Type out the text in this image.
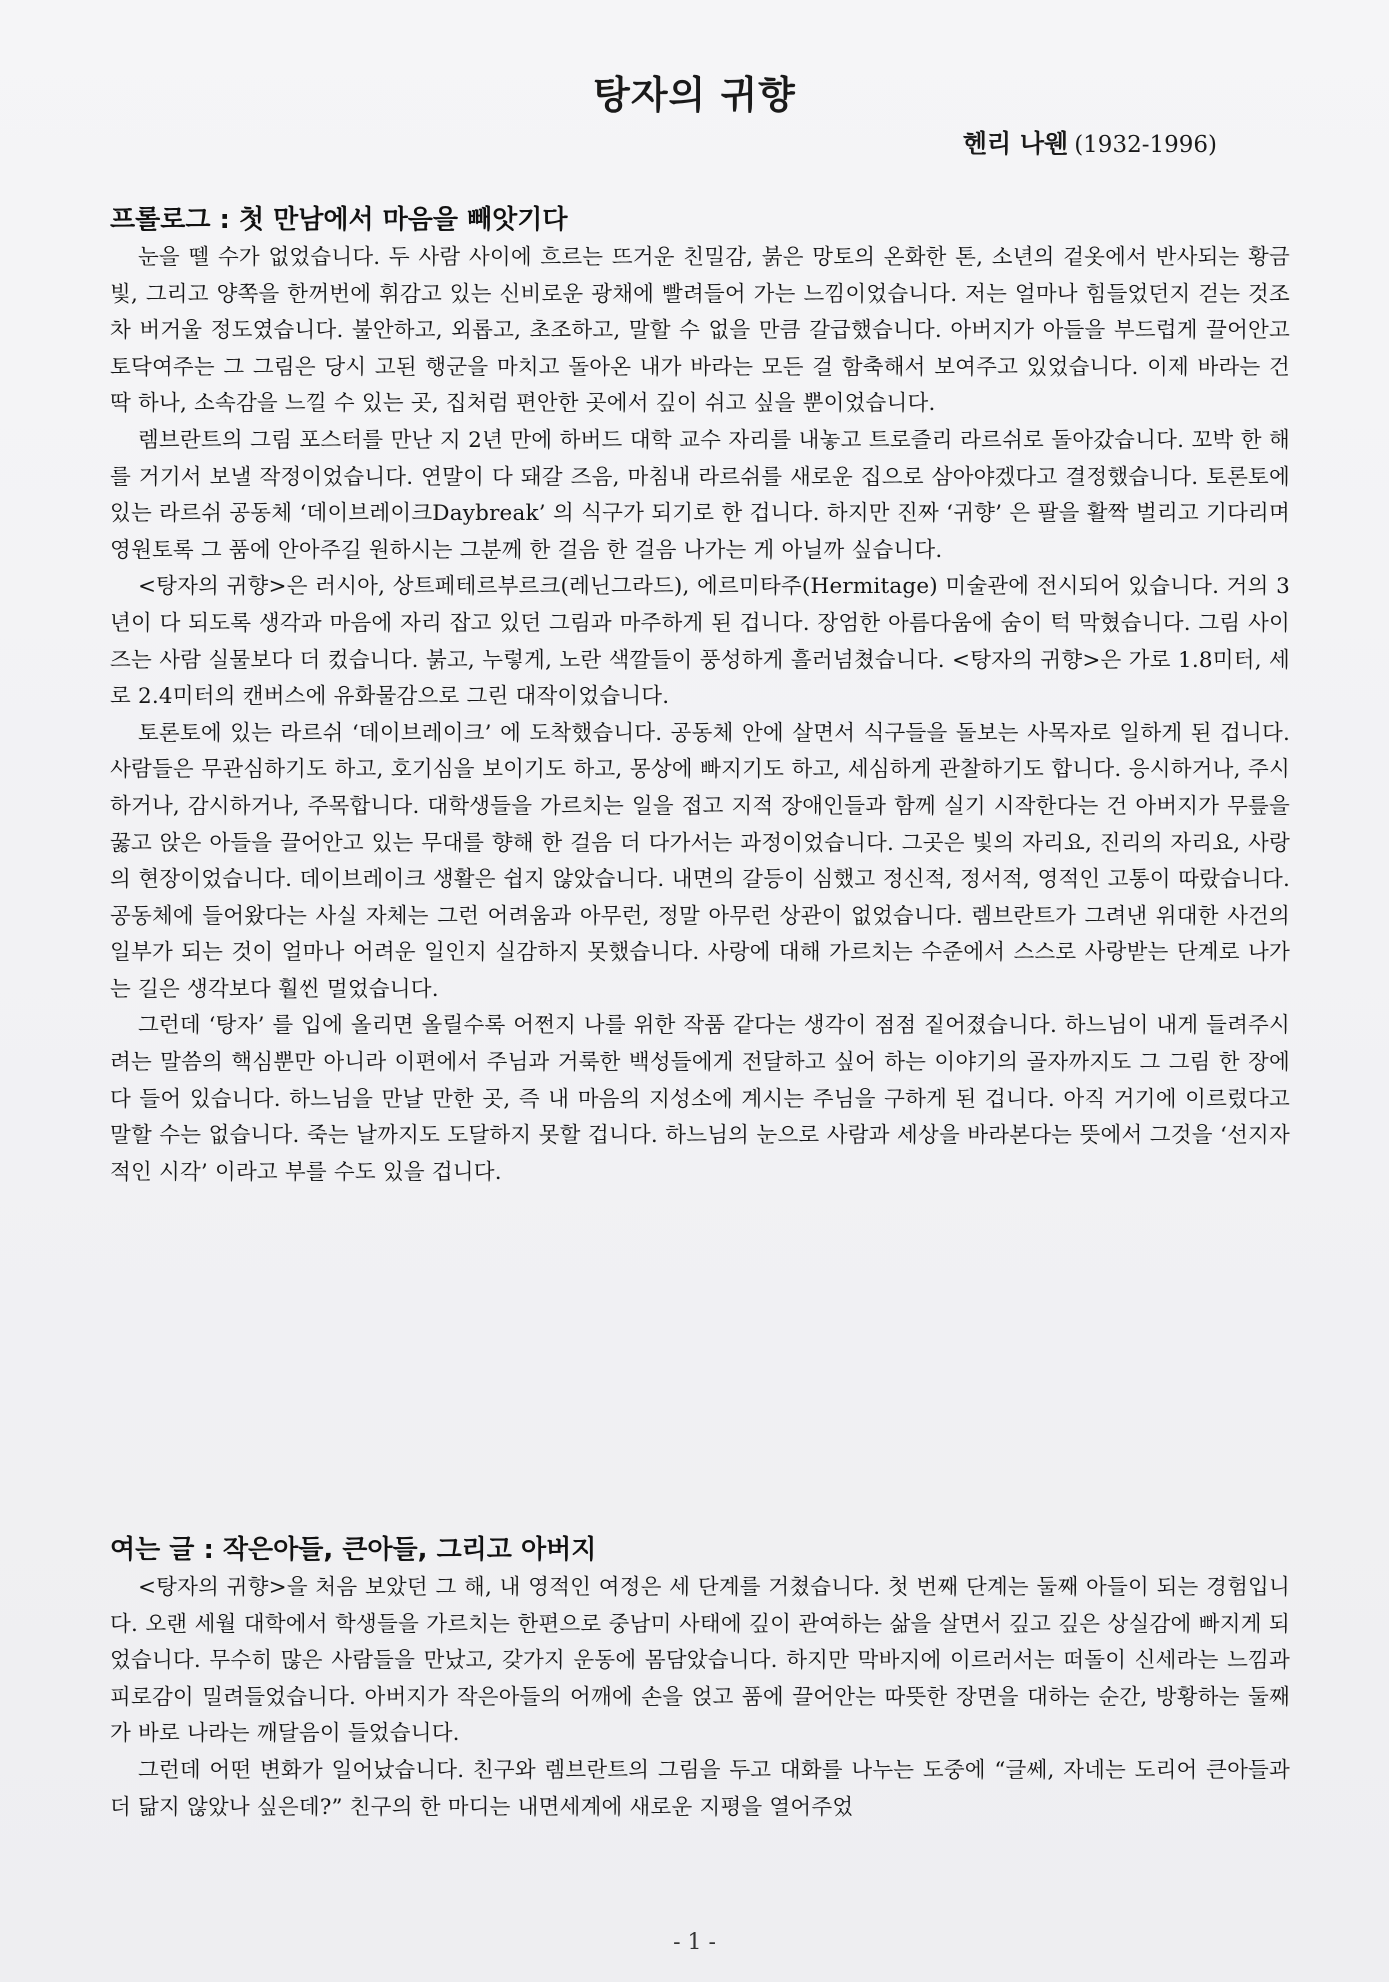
탕자의 귀향
헨리 나웬 (1932-1996)
프롤로그 : 첫 만남에서 마음을 빼앗기다

눈을 뗄 수가 없었습니다. 두 사람 사이에 흐르는 뜨거운 친밀감, 붉은 망토의 온화한 톤, 소년의 겉옷에서 반사되는 황금빛, 그리고 양쪽을 한꺼번에 휘감고 있는 신비로운 광채에 빨려들어 가는 느낌이었습니다. 저는 얼마나 힘들었던지 걷는 것조차 버거울 정도였습니다. 불안하고, 외롭고, 초조하고, 말할 수 없을 만큼 갈급했습니다. 아버지가 아들을 부드럽게 끌어안고 토닥여주는 그 그림은 당시 고된 행군을 마치고 돌아온 내가 바라는 모든 걸 함축해서 보여주고 있었습니다. 이제 바라는 건 딱 하나, 소속감을 느낄 수 있는 곳, 집처럼 편안한 곳에서 깊이 쉬고 싶을 뿐이었습니다.

렘브란트의 그림 포스터를 만난 지 2년 만에 하버드 대학 교수 자리를 내놓고 트로즐리 라르쉬로 돌아갔습니다. 꼬박 한 해를 거기서 보낼 작정이었습니다. 연말이 다 돼갈 즈음, 마침내 라르쉬를 새로운 집으로 삼아야겠다고 결정했습니다. 토론토에 있는 라르쉬 공동체 ‘데이브레이크Daybreak’ 의 식구가 되기로 한 겁니다. 하지만 진짜 ‘귀향’ 은 팔을 활짝 벌리고 기다리며 영원토록 그 품에 안아주길 원하시는 그분께 한 걸음 한 걸음 나가는 게 아닐까 싶습니다.

<탕자의 귀향>은 러시아, 상트페테르부르크(레닌그라드), 에르미타주(Hermitage) 미술관에 전시되어 있습니다. 거의 3년이 다 되도록 생각과 마음에 자리 잡고 있던 그림과 마주하게 된 겁니다. 장엄한 아름다움에 숨이 턱 막혔습니다. 그림 사이즈는 사람 실물보다 더 컸습니다. 붉고, 누렇게, 노란 색깔들이 풍성하게 흘러넘쳤습니다. <탕자의 귀향>은 가로 1.8미터, 세로 2.4미터의 캔버스에 유화물감으로 그린 대작이었습니다.

토론토에 있는 라르쉬 ‘데이브레이크’ 에 도착했습니다. 공동체 안에 살면서 식구들을 돌보는 사목자로 일하게 된 겁니다. 사람들은 무관심하기도 하고, 호기심을 보이기도 하고, 몽상에 빠지기도 하고, 세심하게 관찰하기도 합니다. 응시하거나, 주시하거나, 감시하거나, 주목합니다. 대학생들을 가르치는 일을 접고 지적 장애인들과 함께 실기 시작한다는 건 아버지가 무릎을 꿇고 앉은 아들을 끌어안고 있는 무대를 향해 한 걸음 더 다가서는 과정이었습니다. 그곳은 빛의 자리요, 진리의 자리요, 사랑의 현장이었습니다. 데이브레이크 생활은 쉽지 않았습니다. 내면의 갈등이 심했고 정신적, 정서적, 영적인 고통이 따랐습니다. 공동체에 들어왔다는 사실 자체는 그런 어려움과 아무런, 정말 아무런 상관이 없었습니다. 렘브란트가 그려낸 위대한 사건의 일부가 되는 것이 얼마나 어려운 일인지 실감하지 못했습니다. 사랑에 대해 가르치는 수준에서 스스로 사랑받는 단계로 나가는 길은 생각보다 훨씬 멀었습니다.

그런데 ‘탕자’ 를 입에 올리면 올릴수록 어쩐지 나를 위한 작품 같다는 생각이 점점 짙어졌습니다. 하느님이 내게 들려주시려는 말씀의 핵심뿐만 아니라 이편에서 주님과 거룩한 백성들에게 전달하고 싶어 하는 이야기의 골자까지도 그 그림 한 장에 다 들어 있습니다. 하느님을 만날 만한 곳, 즉 내 마음의 지성소에 계시는 주님을 구하게 된 겁니다. 아직 거기에 이르렀다고 말할 수는 없습니다. 죽는 날까지도 도달하지 못할 겁니다. 하느님의 눈으로 사람과 세상을 바라본다는 뜻에서 그것을 ‘선지자적인 시각’ 이라고 부를 수도 있을 겁니다.

여는 글 : 작은아들, 큰아들, 그리고 아버지

<탕자의 귀향>을 처음 보았던 그 해, 내 영적인 여정은 세 단계를 거쳤습니다. 첫 번째 단계는 둘째 아들이 되는 경험입니다. 오랜 세월 대학에서 학생들을 가르치는 한편으로 중남미 사태에 깊이 관여하는 삶을 살면서 깊고 깊은 상실감에 빠지게 되었습니다. 무수히 많은 사람들을 만났고, 갖가지 운동에 몸담았습니다. 하지만 막바지에 이르러서는 떠돌이 신세라는 느낌과 피로감이 밀려들었습니다. 아버지가 작은아들의 어깨에 손을 얹고 품에 끌어안는 따뜻한 장면을 대하는 순간, 방황하는 둘째가 바로 나라는 깨달음이 들었습니다.

그런데 어떤 변화가 일어났습니다. 친구와 렘브란트의 그림을 두고 대화를 나누는 도중에 “글쎄, 자네는 도리어 큰아들과 더 닮지 않았나 싶은데?” 친구의 한 마디는 내면세계에 새로운 지평을 열어주었

- 1 -
